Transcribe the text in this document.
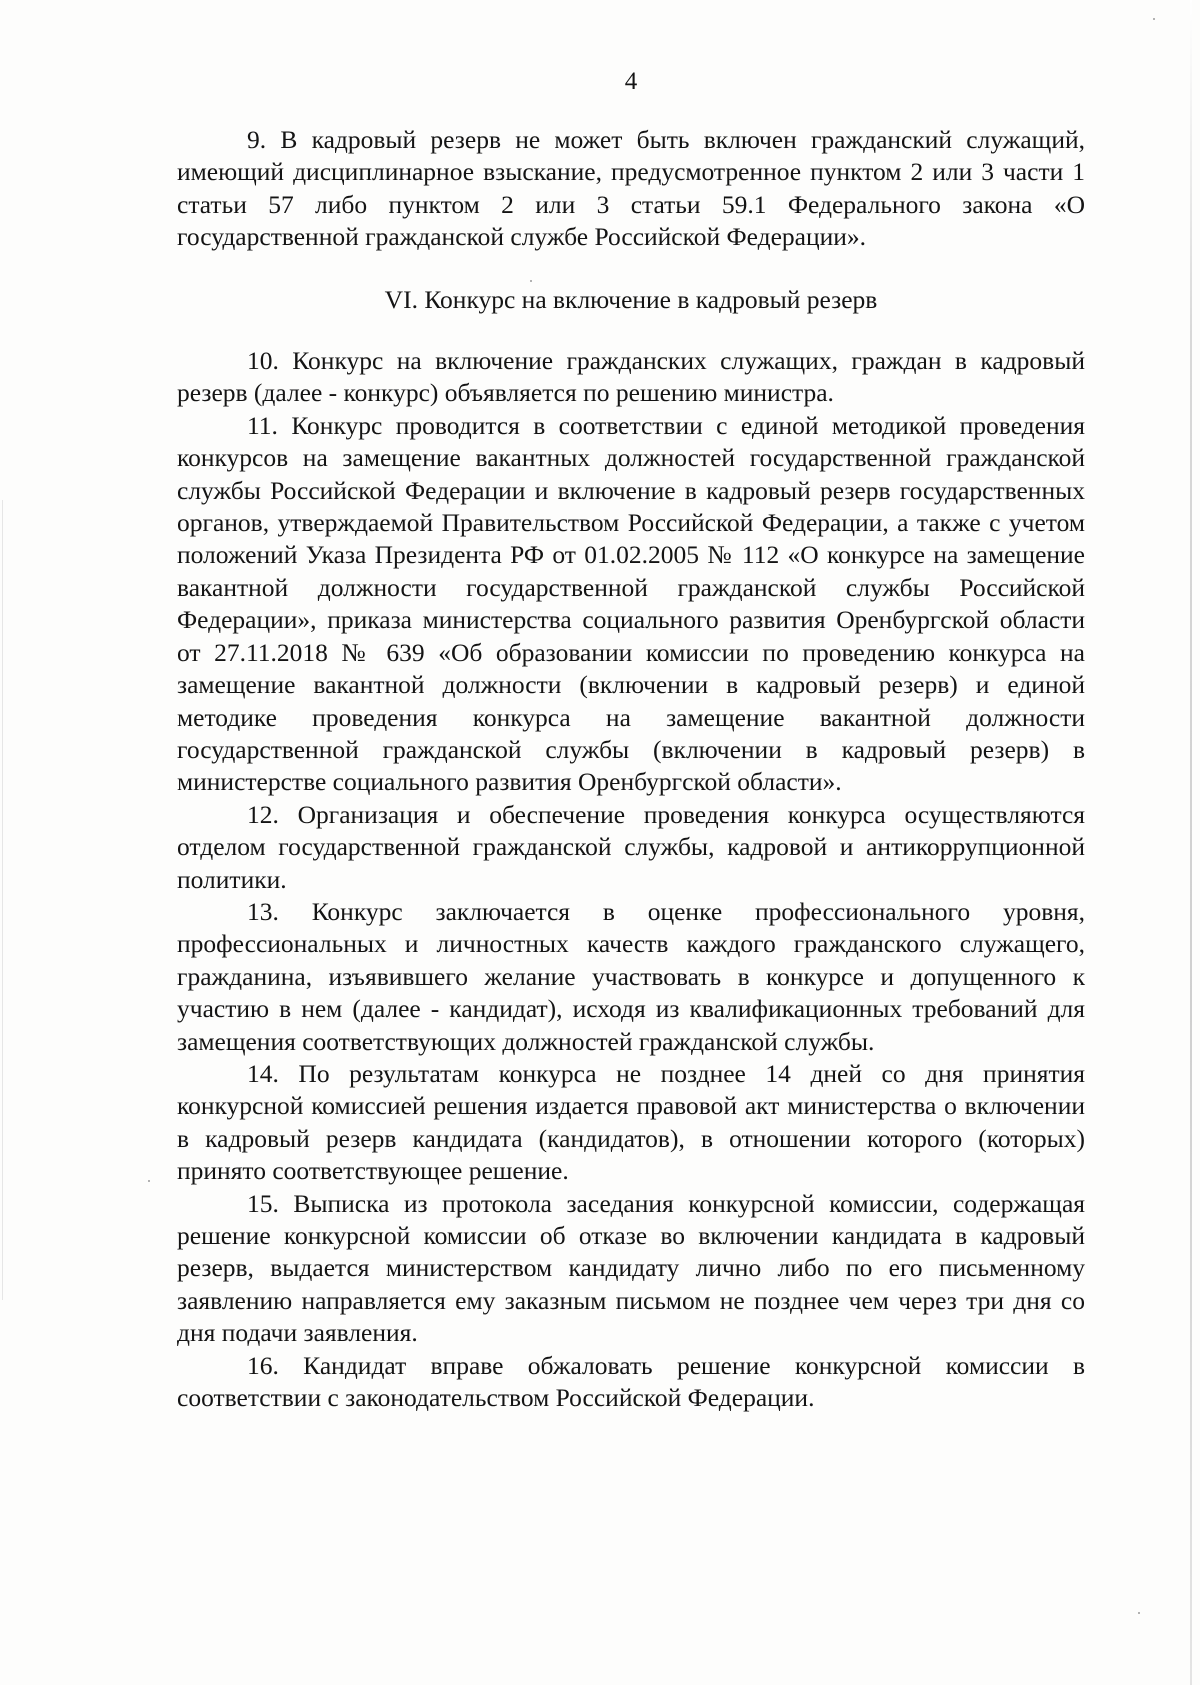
4

9. В кадровый резерв не может быть включен гражданский служащий, имеющий дисциплинарное взыскание, предусмотренное пунктом 2 или 3 части 1 статьи 57 либо пунктом 2 или 3 статьи 59.1 Федерального закона «О государственной гражданской службе Российской Федерации».

VI. Конкурс на включение в кадровый резерв

10. Конкурс на включение гражданских служащих, граждан в кадровый резерв (далее - конкурс) объявляется по решению министра.

11. Конкурс проводится в соответствии с единой методикой проведения конкурсов на замещение вакантных должностей государственной гражданской службы Российской Федерации и включение в кадровый резерв государственных органов, утверждаемой Правительством Российской Федерации, а также с учетом положений Указа Президента РФ от 01.02.2005 № 112 «О конкурсе на замещение вакантной должности государственной гражданской службы Российской Федерации», приказа министерства социального развития Оренбургской области от 27.11.2018 № 639 «Об образовании комиссии по проведению конкурса на замещение вакантной должности (включении в кадровый резерв) и единой методике проведения конкурса на замещение вакантной должности государственной гражданской службы (включении в кадровый резерв) в министерстве социального развития Оренбургской области».

12. Организация и обеспечение проведения конкурса осуществляются отделом государственной гражданской службы, кадровой и антикоррупционной политики.

13. Конкурс заключается в оценке профессионального уровня, профессиональных и личностных качеств каждого гражданского служащего, гражданина, изъявившего желание участвовать в конкурсе и допущенного к участию в нем (далее - кандидат), исходя из квалификационных требований для замещения соответствующих должностей гражданской службы.

14. По результатам конкурса не позднее 14 дней со дня принятия конкурсной комиссией решения издается правовой акт министерства о включении в кадровый резерв кандидата (кандидатов), в отношении которого (которых) принято соответствующее решение.

15. Выписка из протокола заседания конкурсной комиссии, содержащая решение конкурсной комиссии об отказе во включении кандидата в кадровый резерв, выдается министерством кандидату лично либо по его письменному заявлению направляется ему заказным письмом не позднее чем через три дня со дня подачи заявления.

16. Кандидат вправе обжаловать решение конкурсной комиссии в соответствии с законодательством Российской Федерации.
